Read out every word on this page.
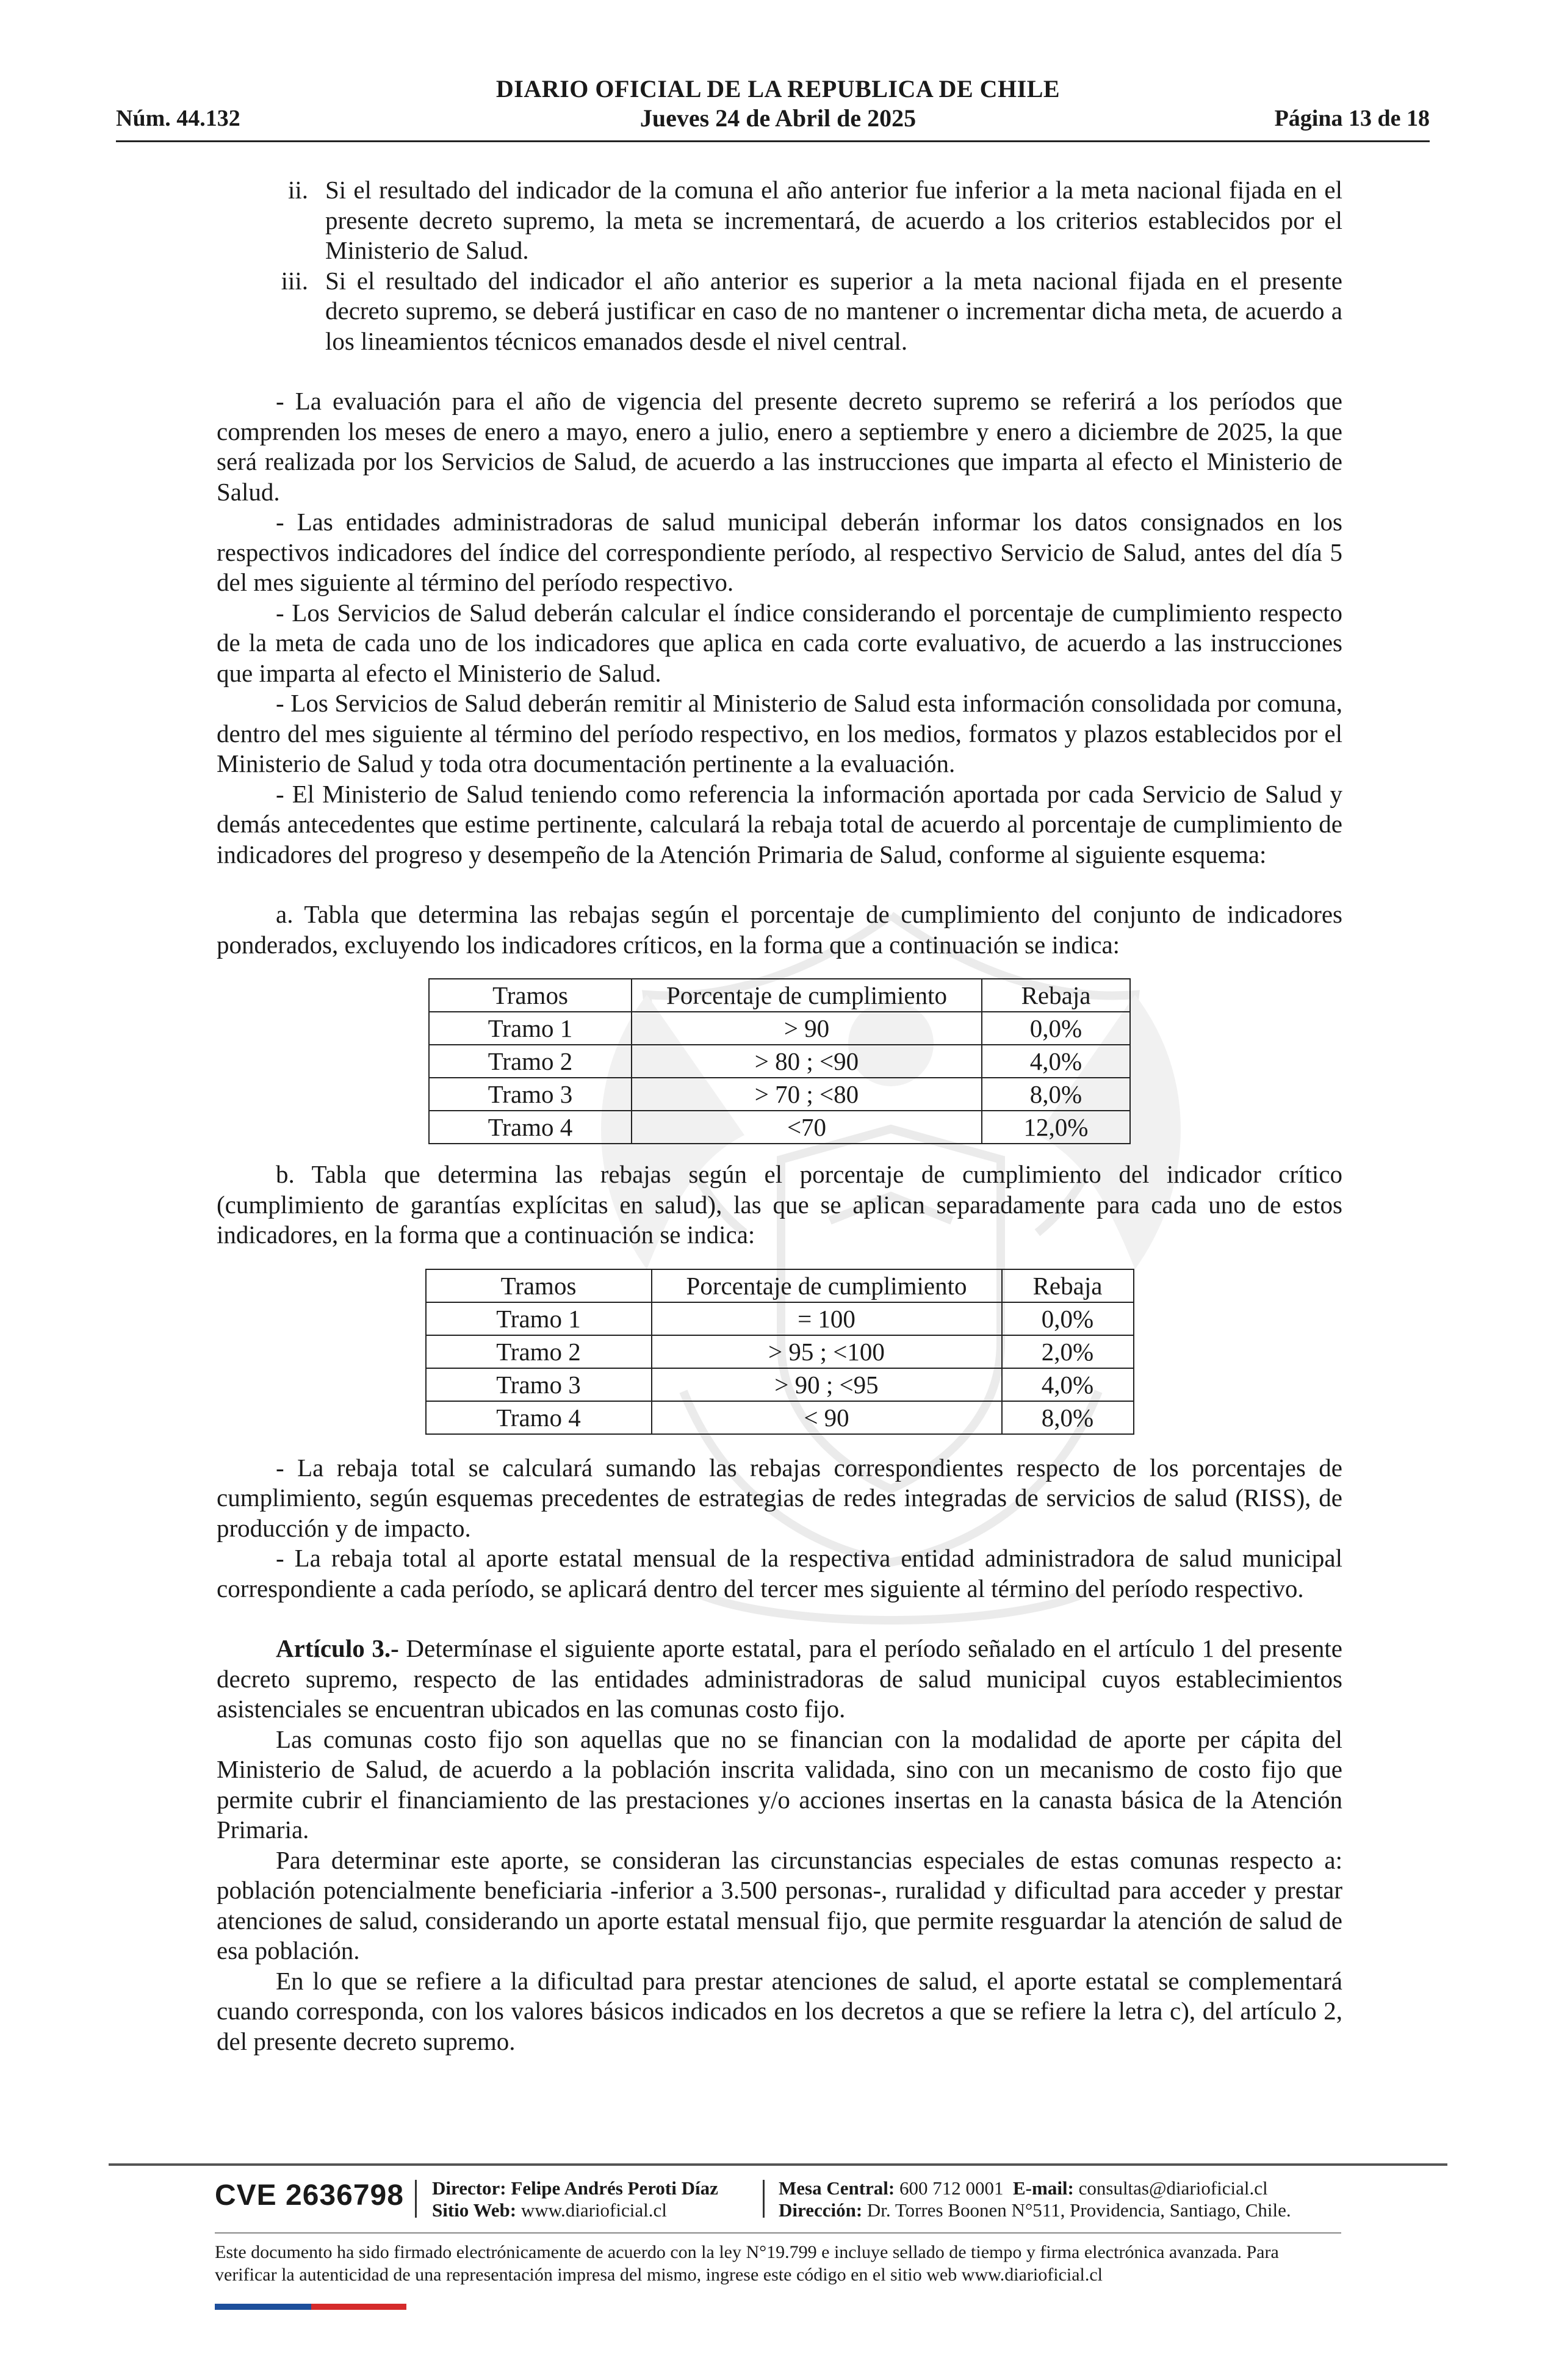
DIARIO OFICIAL DE LA REPUBLICA DE CHILE
Jueves 24 de Abril de 2025
Núm. 44.132	Página 13 de 18
ii. Si el resultado del indicador de la comuna el año anterior fue inferior a la meta nacional fijada en el presente decreto supremo, la meta se incrementará, de acuerdo a los criterios establecidos por el Ministerio de Salud.
iii. Si el resultado del indicador el año anterior es superior a la meta nacional fijada en el presente decreto supremo, se deberá justificar en caso de no mantener o incrementar dicha meta, de acuerdo a los lineamientos técnicos emanados desde el nivel central.

- La evaluación para el año de vigencia del presente decreto supremo se referirá a los períodos que comprenden los meses de enero a mayo, enero a julio, enero a septiembre y enero a diciembre de 2025, la que será realizada por los Servicios de Salud, de acuerdo a las instrucciones que imparta al efecto el Ministerio de Salud.

- Las entidades administradoras de salud municipal deberán informar los datos consignados en los respectivos indicadores del índice del correspondiente período, al respectivo Servicio de Salud, antes del día 5 del mes siguiente al término del período respectivo.

- Los Servicios de Salud deberán calcular el índice considerando el porcentaje de cumplimiento respecto de la meta de cada uno de los indicadores que aplica en cada corte evaluativo, de acuerdo a las instrucciones que imparta al efecto el Ministerio de Salud.

- Los Servicios de Salud deberán remitir al Ministerio de Salud esta información consolidada por comuna, dentro del mes siguiente al término del período respectivo, en los medios, formatos y plazos establecidos por el Ministerio de Salud y toda otra documentación pertinente a la evaluación.

- El Ministerio de Salud teniendo como referencia la información aportada por cada Servicio de Salud y demás antecedentes que estime pertinente, calculará la rebaja total de acuerdo al porcentaje de cumplimiento de indicadores del progreso y desempeño de la Atención Primaria de Salud, conforme al siguiente esquema:

a. Tabla que determina las rebajas según el porcentaje de cumplimiento del conjunto de indicadores ponderados, excluyendo los indicadores críticos, en la forma que a continuación se indica:

Tramos	Porcentaje de cumplimiento	Rebaja
Tramo 1	> 90	0,0%
Tramo 2	> 80 ; <90	4,0%
Tramo 3	> 70 ; <80	8,0%
Tramo 4	<70	12,0%

b. Tabla que determina las rebajas según el porcentaje de cumplimiento del indicador crítico (cumplimiento de garantías explícitas en salud), las que se aplican separadamente para cada uno de estos indicadores, en la forma que a continuación se indica:

Tramos	Porcentaje de cumplimiento	Rebaja
Tramo 1	= 100	0,0%
Tramo 2	> 95 ; <100	2,0%
Tramo 3	> 90 ; <95	4,0%
Tramo 4	< 90	8,0%

- La rebaja total se calculará sumando las rebajas correspondientes respecto de los porcentajes de cumplimiento, según esquemas precedentes de estrategias de redes integradas de servicios de salud (RISS), de producción y de impacto.

- La rebaja total al aporte estatal mensual de la respectiva entidad administradora de salud municipal correspondiente a cada período, se aplicará dentro del tercer mes siguiente al término del período respectivo.

Artículo 3.- Determínase el siguiente aporte estatal, para el período señalado en el artículo 1 del presente decreto supremo, respecto de las entidades administradoras de salud municipal cuyos establecimientos asistenciales se encuentran ubicados en las comunas costo fijo.

Las comunas costo fijo son aquellas que no se financian con la modalidad de aporte per cápita del Ministerio de Salud, de acuerdo a la población inscrita validada, sino con un mecanismo de costo fijo que permite cubrir el financiamiento de las prestaciones y/o acciones insertas en la canasta básica de la Atención Primaria.

Para determinar este aporte, se consideran las circunstancias especiales de estas comunas respecto a: población potencialmente beneficiaria -inferior a 3.500 personas-, ruralidad y dificultad para acceder y prestar atenciones de salud, considerando un aporte estatal mensual fijo, que permite resguardar la atención de salud de esa población.

En lo que se refiere a la dificultad para prestar atenciones de salud, el aporte estatal se complementará cuando corresponda, con los valores básicos indicados en los decretos a que se refiere la letra c), del artículo 2, del presente decreto supremo.

CVE 2636798 Director: Felipe Andrés Peroti Díaz
Sitio Web: www.diarioficial.cl
Mesa Central: 600 712 0001 E-mail: consultas@diarioficial.cl
Dirección: Dr. Torres Boonen N°511, Providencia, Santiago, Chile.
Este documento ha sido firmado electrónicamente de acuerdo con la ley N°19.799 e incluye sellado de tiempo y firma electrónica avanzada. Para verificar la autenticidad de una representación impresa del mismo, ingrese este código en el sitio web www.diarioficial.cl
